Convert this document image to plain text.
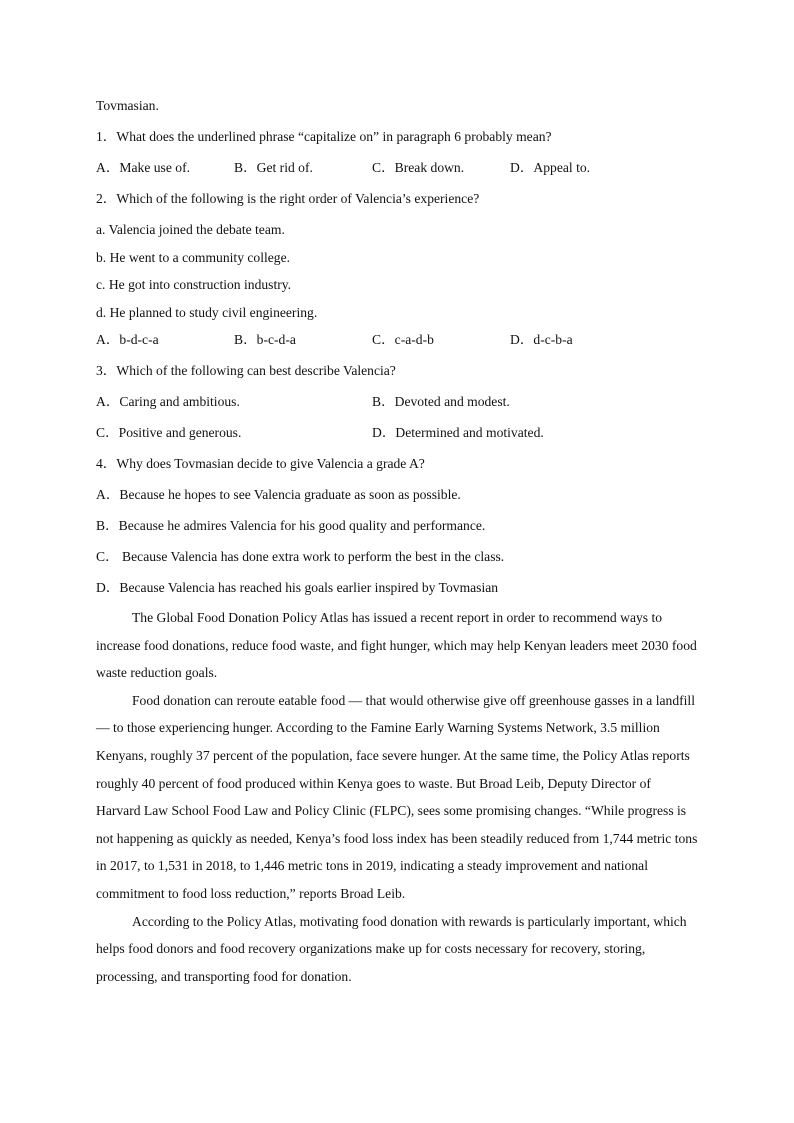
Tovmasian.

1．What does the underlined phrase “capitalize on” in paragraph 6 probably mean?

A．Make use of.	B．Get rid of.	C．Break down.	D．Appeal to.

2．Which of the following is the right order of Valencia’s experience?

a. Valencia joined the debate team.

b. He went to a community college.

c. He got into construction industry.

d. He planned to study civil engineering.

A．b-d-c-a	B．b-c-d-a	C．c-a-d-b	D．d-c-b-a

3．Which of the following can best describe Valencia?

A．Caring and ambitious.	B．Devoted and modest.
C．Positive and generous.	D．Determined and motivated.

4．Why does Tovmasian decide to give Valencia a grade A?

A．Because he hopes to see Valencia graduate as soon as possible.

B．Because he admires Valencia for his good quality and performance.

C． Because Valencia has done extra work to perform the best in the class.

D．Because Valencia has reached his goals earlier inspired by Tovmasian

The Global Food Donation Policy Atlas has issued a recent report in order to recommend ways to increase food donations, reduce food waste, and fight hunger, which may help Kenyan leaders meet 2030 food waste reduction goals.

Food donation can reroute eatable food — that would otherwise give off greenhouse gasses in a landfill — to those experiencing hunger. According to the Famine Early Warning Systems Network, 3.5 million Kenyans, roughly 37 percent of the population, face severe hunger. At the same time, the Policy Atlas reports roughly 40 percent of food produced within Kenya goes to waste. But Broad Leib, Deputy Director of Harvard Law School Food Law and Policy Clinic (FLPC), sees some promising changes. “While progress is not happening as quickly as needed, Kenya’s food loss index has been steadily reduced from 1,744 metric tons in 2017, to 1,531 in 2018, to 1,446 metric tons in 2019, indicating a steady improvement and national commitment to food loss reduction,” reports Broad Leib.

According to the Policy Atlas, motivating food donation with rewards is particularly important, which helps food donors and food recovery organizations make up for costs necessary for recovery, storing, processing, and transporting food for donation.
